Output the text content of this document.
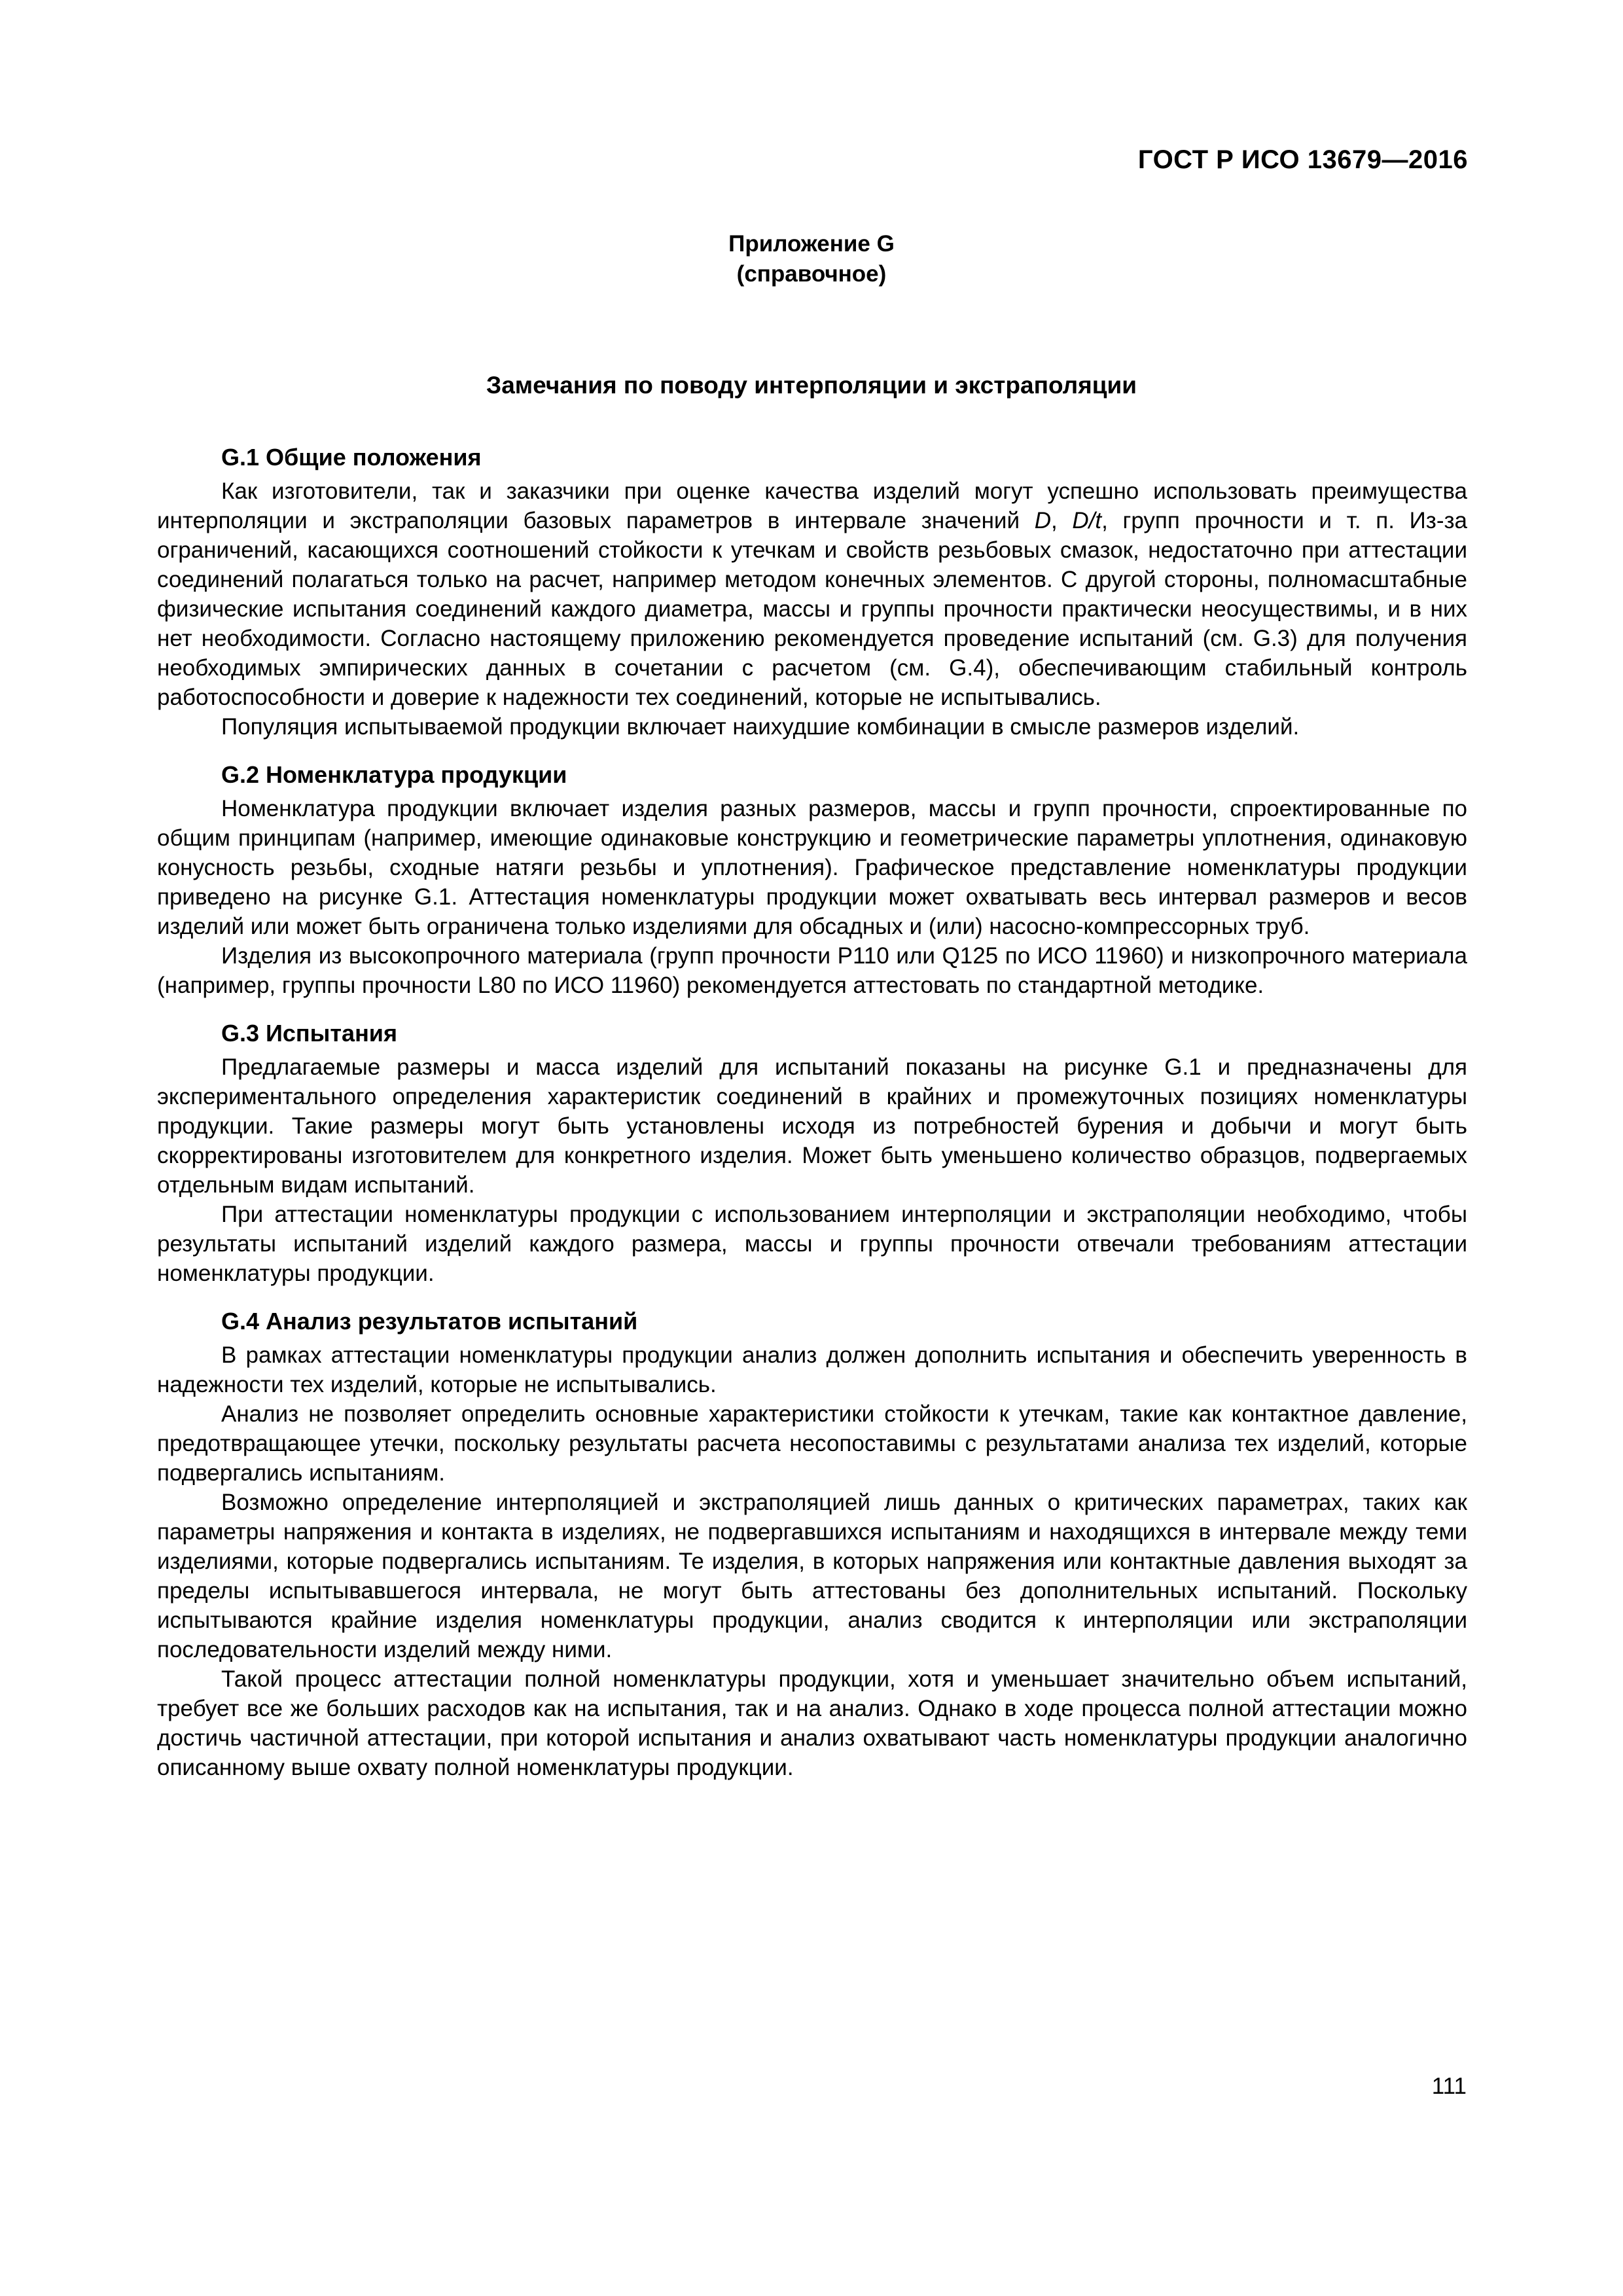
ГОСТ Р ИСО 13679—2016
Приложение G
(справочное)
Замечания по поводу интерполяции и экстраполяции

G.1 Общие положения

Как изготовители, так и заказчики при оценке качества изделий могут успешно использовать преимущества интерполяции и экстраполяции базовых параметров в интервале значений D, D/t, групп прочности и т. п. Из-за ограничений, касающихся соотношений стойкости к утечкам и свойств резьбовых смазок, недостаточно при аттестации соединений полагаться только на расчет, например методом конечных элементов. С другой стороны, полномасштабные физические испытания соединений каждого диаметра, массы и группы прочности практически неосуществимы, и в них нет необходимости. Согласно настоящему приложению рекомендуется проведение испытаний (см. G.3) для получения необходимых эмпирических данных в сочетании с расчетом (см. G.4), обеспечивающим стабильный контроль работоспособности и доверие к надежности тех соединений, которые не испытывались.

Популяция испытываемой продукции включает наихудшие комбинации в смысле размеров изделий.

G.2 Номенклатура продукции

Номенклатура продукции включает изделия разных размеров, массы и групп прочности, спроектированные по общим принципам (например, имеющие одинаковые конструкцию и геометрические параметры уплотнения, одинаковую конусность резьбы, сходные натяги резьбы и уплотнения). Графическое представление номенклатуры продукции приведено на рисунке G.1. Аттестация номенклатуры продукции может охватывать весь интервал размеров и весов изделий или может быть ограничена только изделиями для обсадных и (или) насосно-компрессорных труб.

Изделия из высокопрочного материала (групп прочности Р110 или Q125 по ИСО 11960) и низкопрочного материала (например, группы прочности L80 по ИСО 11960) рекомендуется аттестовать по стандартной методике.

G.3 Испытания

Предлагаемые размеры и масса изделий для испытаний показаны на рисунке G.1 и предназначены для экспериментального определения характеристик соединений в крайних и промежуточных позициях номенклатуры продукции. Такие размеры могут быть установлены исходя из потребностей бурения и добычи и могут быть скорректированы изготовителем для конкретного изделия. Может быть уменьшено количество образцов, подвергаемых отдельным видам испытаний.

При аттестации номенклатуры продукции с использованием интерполяции и экстраполяции необходимо, чтобы результаты испытаний изделий каждого размера, массы и группы прочности отвечали требованиям аттестации номенклатуры продукции.

G.4 Анализ результатов испытаний

В рамках аттестации номенклатуры продукции анализ должен дополнить испытания и обеспечить уверенность в надежности тех изделий, которые не испытывались.

Анализ не позволяет определить основные характеристики стойкости к утечкам, такие как контактное давление, предотвращающее утечки, поскольку результаты расчета несопоставимы с результатами анализа тех изделий, которые подвергались испытаниям.

Возможно определение интерполяцией и экстраполяцией лишь данных о критических параметрах, таких как параметры напряжения и контакта в изделиях, не подвергавшихся испытаниям и находящихся в интервале между теми изделиями, которые подвергались испытаниям. Те изделия, в которых напряжения или контактные давления выходят за пределы испытывавшегося интервала, не могут быть аттестованы без дополнительных испытаний. Поскольку испытываются крайние изделия номенклатуры продукции, анализ сводится к интерполяции или экстраполяции последовательности изделий между ними.

Такой процесс аттестации полной номенклатуры продукции, хотя и уменьшает значительно объем испытаний, требует все же больших расходов как на испытания, так и на анализ. Однако в ходе процесса полной аттестации можно достичь частичной аттестации, при которой испытания и анализ охватывают часть номенклатуры продукции аналогично описанному выше охвату полной номенклатуры продукции.

111
